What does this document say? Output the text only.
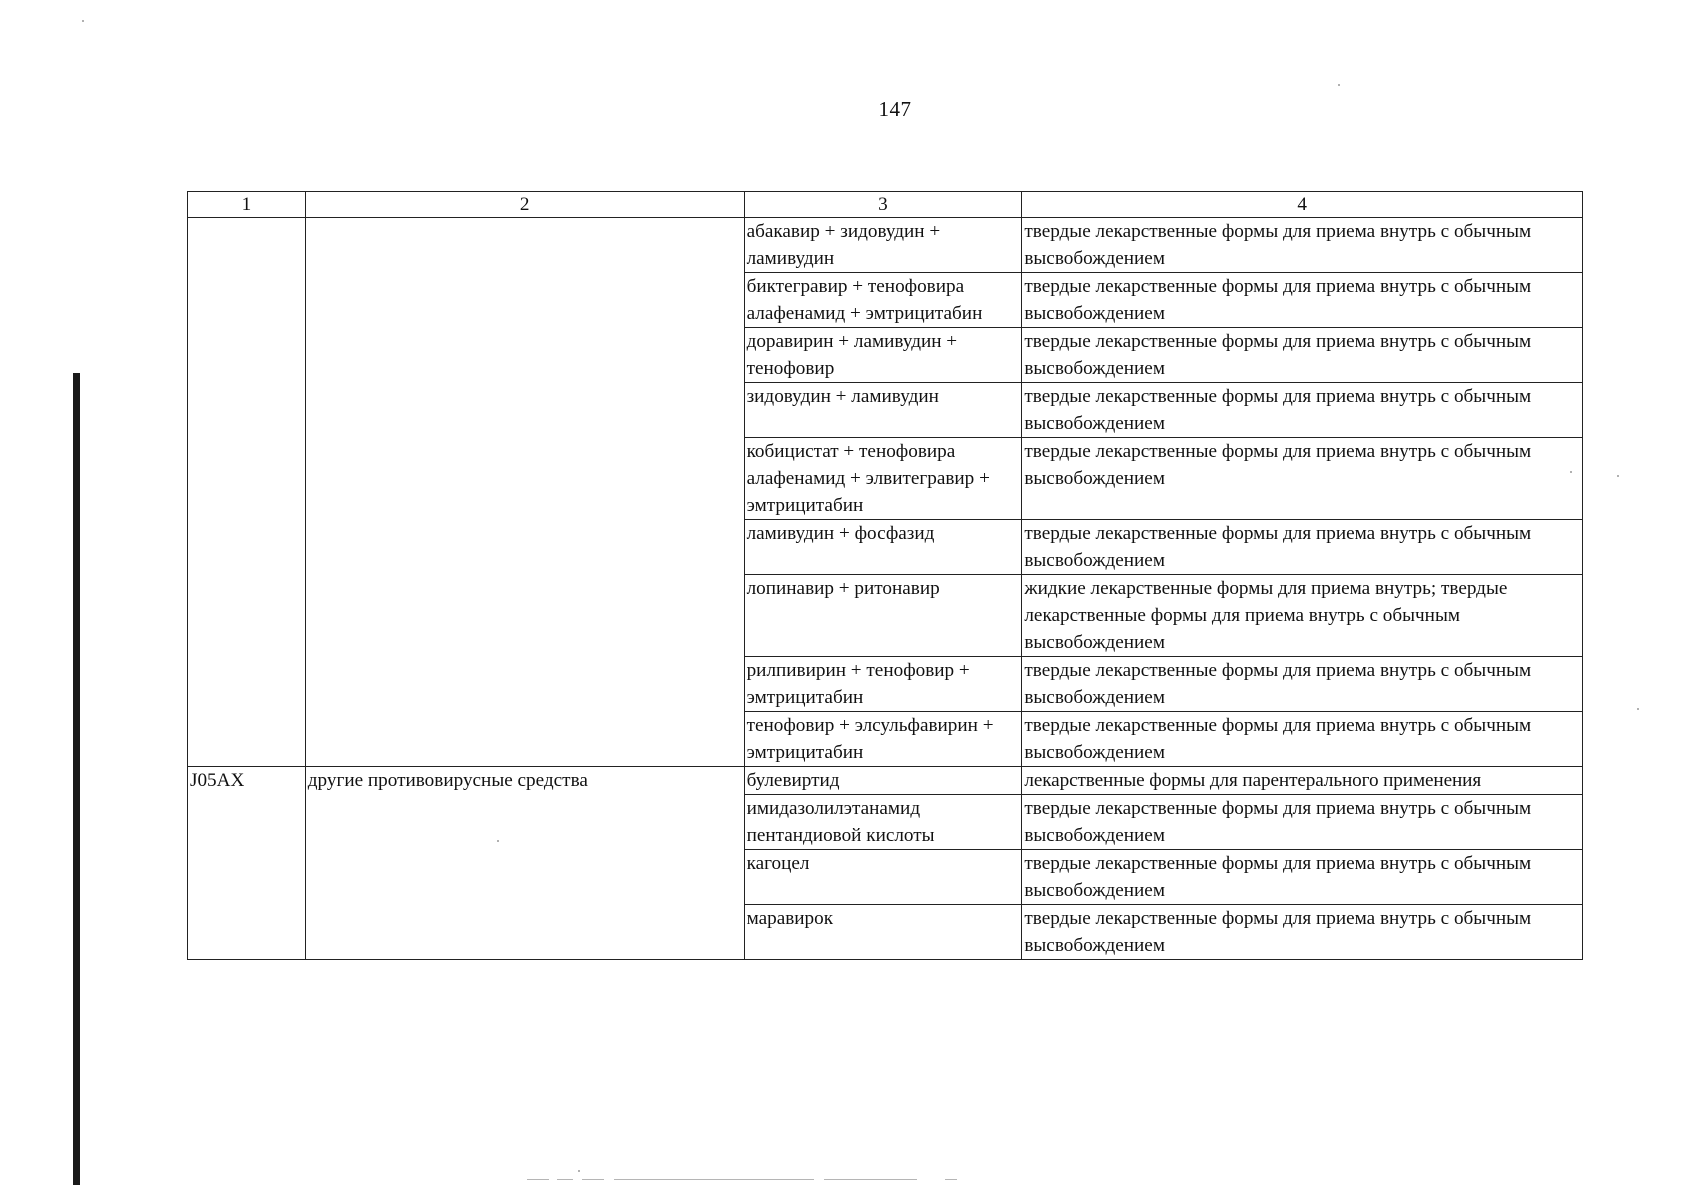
147
1	2	3	4
		абакавир + зидовудин + ламивудин	твердые лекарственные формы для приема внутрь с обычным высвобождением
		биктегравир + тенофовира алафенамид + эмтрицитабин	твердые лекарственные формы для приема внутрь с обычным высвобождением
		доравирин + ламивудин + тенофовир	твердые лекарственные формы для приема внутрь с обычным высвобождением
		зидовудин + ламивудин	твердые лекарственные формы для приема внутрь с обычным высвобождением
		кобицистат + тенофовира алафенамид + элвитегравир + эмтрицитабин	твердые лекарственные формы для приема внутрь с обычным высвобождением
		ламивудин + фосфазид	твердые лекарственные формы для приема внутрь с обычным высвобождением
		лопинавир + ритонавир	жидкие лекарственные формы для приема внутрь; твердые лекарственные формы для приема внутрь с обычным высвобождением
		рилпивирин + тенофовир + эмтрицитабин	твердые лекарственные формы для приема внутрь с обычным высвобождением
		тенофовир + элсульфавирин + эмтрицитабин	твердые лекарственные формы для приема внутрь с обычным высвобождением
J05AX	другие противовирусные средства	булевиртид	лекарственные формы для парентерального применения
		имидазолилэтанамид пентандиовой кислоты	твердые лекарственные формы для приема внутрь с обычным высвобождением
		кагоцел	твердые лекарственные формы для приема внутрь с обычным высвобождением
		маравирок	твердые лекарственные формы для приема внутрь с обычным высвобождением
